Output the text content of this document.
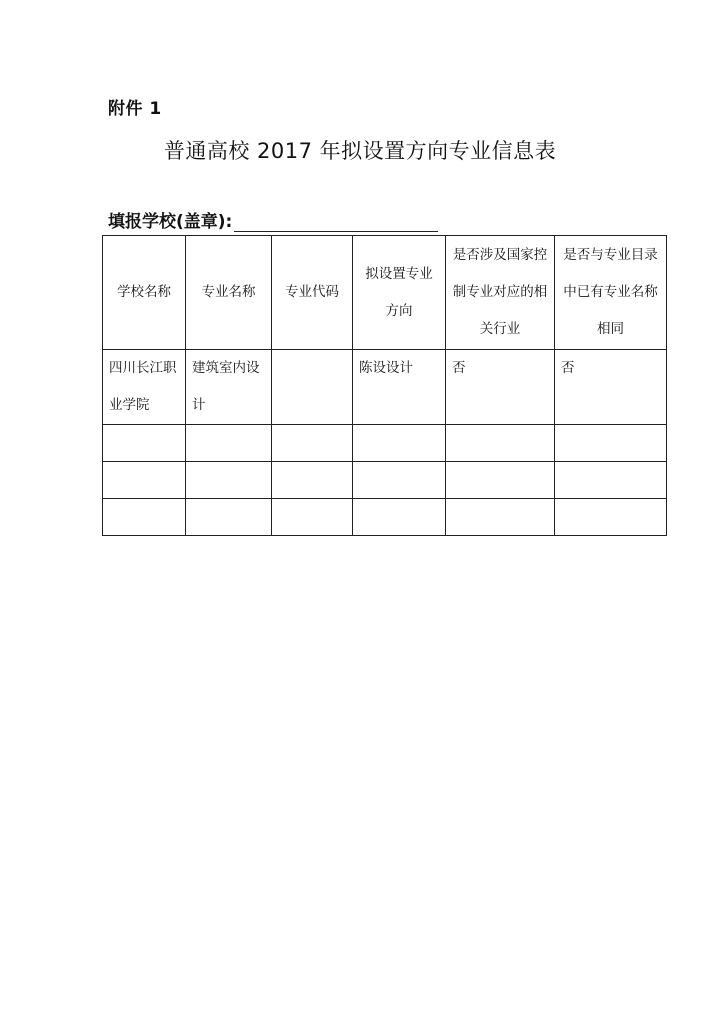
附件 1
普通高校 2017 年拟设置方向专业信息表
填报学校(盖章):
学校名称	专业名称	专业代码	拟设置专业方向	是否涉及国家控制专业对应的相关行业	是否与专业目录中已有专业名称相同

四川长江职业学院	建筑室内设计		陈设设计	否	否
